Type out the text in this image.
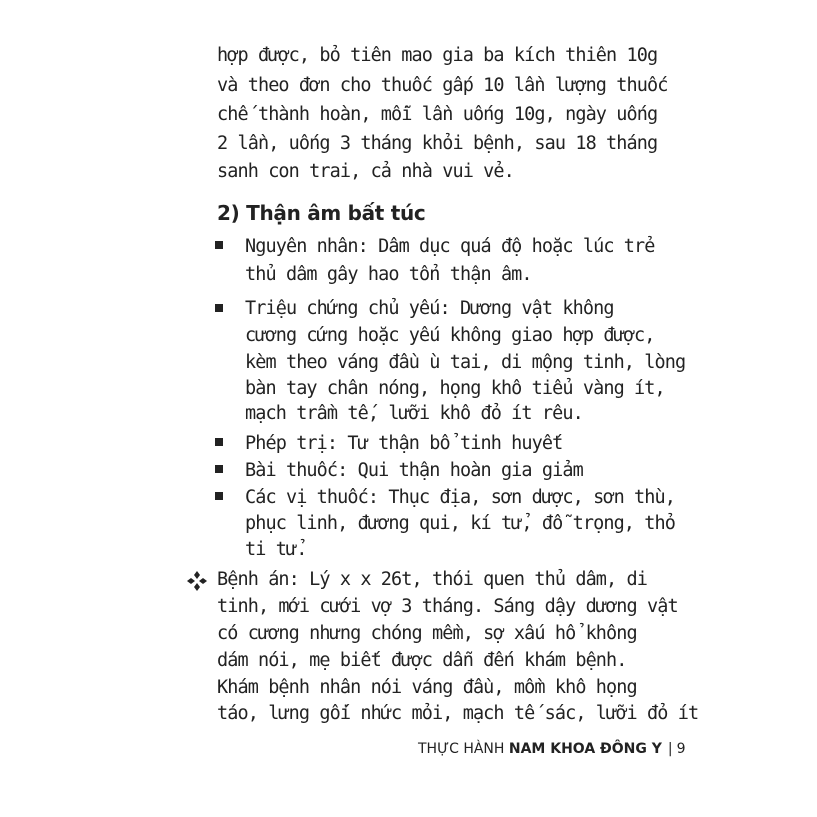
hợp được, bỏ tiên mao gia ba kích thiên 10g
và theo đơn cho thuốc gấp 10 lần lượng thuốc
chế thành hoàn, mỗi lần uống 10g, ngày uống
2 lần, uống 3 tháng khỏi bệnh, sau 18 tháng
sanh con trai, cả nhà vui vẻ.
2) Thận âm bất túc
Nguyên nhân: Dâm dục quá độ hoặc lúc trẻ
thủ dâm gây hao tổn thận âm.
Triệu chứng chủ yếu: Dương vật không
cương cứng hoặc yếu không giao hợp được,
kèm theo váng đầu ù tai, di mộng tinh, lòng
bàn tay chân nóng, họng khô tiểu vàng ít,
mạch trầm tế, lưỡi khô đỏ ít rêu.
Phép trị: Tư thận bổ tinh huyết
Bài thuốc: Qui thận hoàn gia giảm
Các vị thuốc: Thục địa, sơn dược, sơn thù,
phục linh, đương qui, kí tử, đỗ trọng, thỏ
ti tử.
Bệnh án: Lý x x 26t, thói quen thủ dâm, di
tinh, mới cưới vợ 3 tháng. Sáng dậy dương vật
có cương nhưng chóng mềm, sợ xấu hổ không
dám nói, mẹ biết được dẫn đến khám bệnh.
Khám bệnh nhân nói váng đầu, mồm khô họng
táo, lưng gối nhức mỏi, mạch tế sác, lưỡi đỏ ít
THỰC HÀNH NAM KHOA ĐÔNG Y | 9
